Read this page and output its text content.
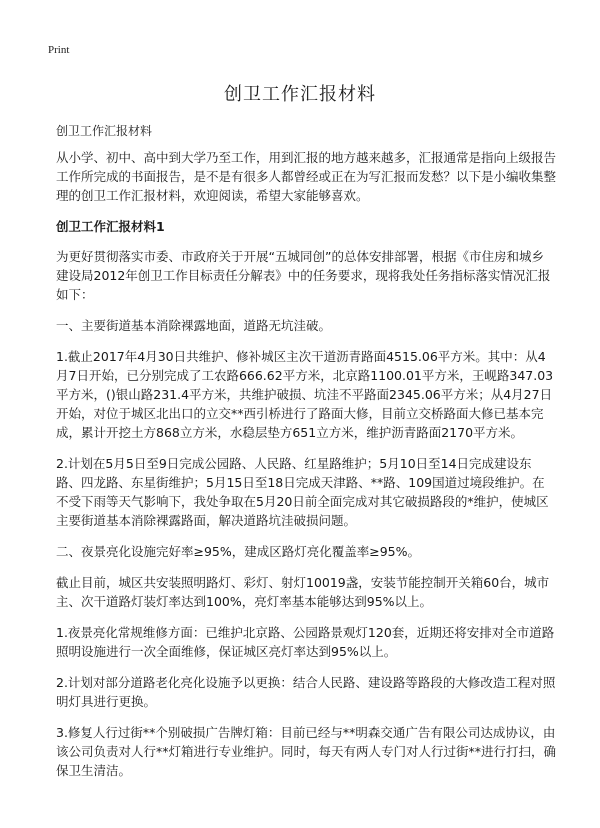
Print
创卫工作汇报材料
创卫工作汇报材料

从小学、初中、高中到大学乃至工作，用到汇报的地方越来越多，汇报通常是指向上级报告工作所完成的书面报告，是不是有很多人都曾经或正在为写汇报而发愁？以下是小编收集整理的创卫工作汇报材料，欢迎阅读，希望大家能够喜欢。

创卫工作汇报材料1

为更好贯彻落实市委、市政府关于开展“五城同创”的总体安排部署，根据《市住房和城乡建设局2012年创卫工作目标责任分解表》中的任务要求，现将我处任务指标落实情况汇报如下：

一、主要街道基本消除裸露地面，道路无坑洼破。

1.截止2017年4月30日共维护、修补城区主次干道沥青路面4515.06平方米。其中：从4月7日开始，已分别完成了工农路666.62平方米，北京路1100.01平方米，王岘路347.03平方米，()银山路231.4平方米，共维护破损、坑洼不平路面2345.06平方米；从4月27日开始，对位于城区北出口的立交**西引桥进行了路面大修，目前立交桥路面大修已基本完成，累计开挖土方868立方米，水稳层垫方651立方米，维护沥青路面2170平方米。

2.计划在5月5日至9日完成公园路、人民路、红星路维护；5月10日至14日完成建设东路、四龙路、东星街维护；5月15日至18日完成天津路、**路、109国道过境段维护。在不受下雨等天气影响下，我处争取在5月20日前全面完成对其它破损路段的*维护，使城区主要街道基本消除裸露路面，解决道路坑洼破损问题。

二、夜景亮化设施完好率≥95%，建成区路灯亮化覆盖率≥95%。

截止目前，城区共安装照明路灯、彩灯、射灯10019盏，安装节能控制开关箱60台，城市主、次干道路灯装灯率达到100%，亮灯率基本能够达到95%以上。

1.夜景亮化常规维修方面：已维护北京路、公园路景观灯120套，近期还将安排对全市道路照明设施进行一次全面维修，保证城区亮灯率达到95%以上。

2.计划对部分道路老化亮化设施予以更换：结合人民路、建设路等路段的大修改造工程对照明灯具进行更换。

3.修复人行过街**个别破损广告牌灯箱：目前已经与**明森交通广告有限公司达成协议，由该公司负责对人行**灯箱进行专业维护。同时，每天有两人专门对人行过街**进行打扫，确保卫生清洁。
